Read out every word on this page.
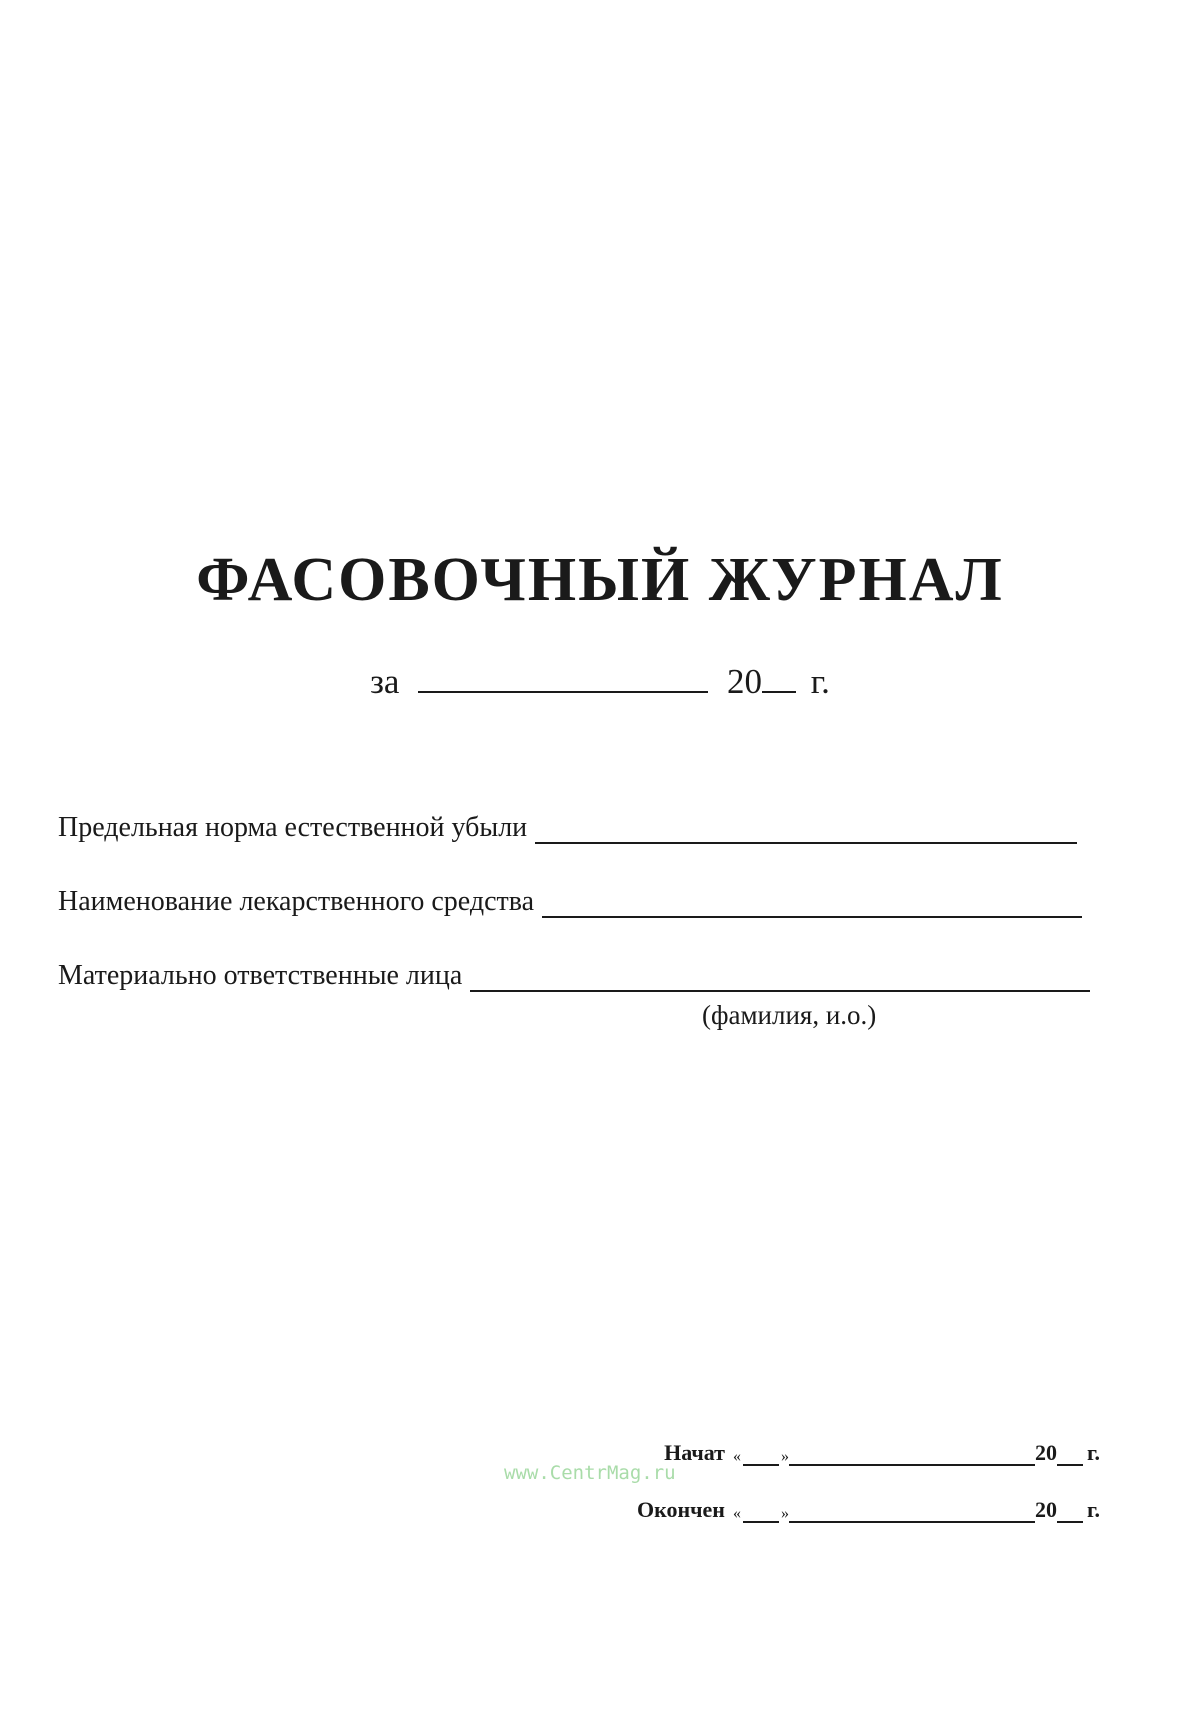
ФАСОВОЧНЫЙ ЖУРНАЛ
за	20 г.
Предельная норма естественной убыли
Наименование лекарственного средства
Материально ответственные лица
(фамилия, и.о.)
Начат «	»	20 г.
Окончен «	»	20 г.
www.CentrMag.ru
